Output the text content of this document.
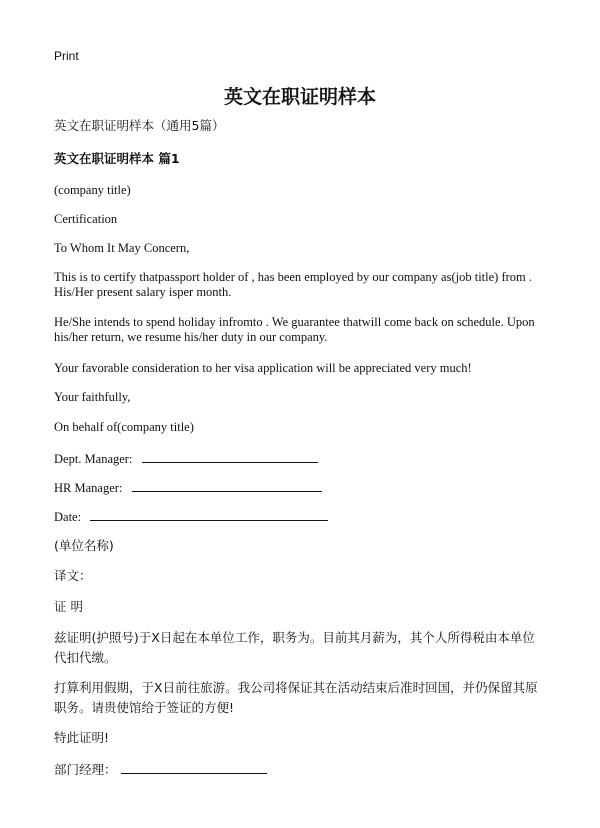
Print
英文在职证明样本
英文在职证明样本（通用5篇）
英文在职证明样本 篇1
(company title)
Certification
To Whom It May Concern,
This is to certify thatpassport holder of , has been employed by our company as(job title) from . His/Her present salary isper month.
He/She intends to spend holiday infromto . We guarantee thatwill come back on schedule. Upon his/her return, we resume his/her duty in our company.
Your favorable consideration to her visa application will be appreciated very much!
Your faithfully,
On behalf of(company title)
Dept. Manager:
HR Manager:
Date:
(单位名称)
译文：
证 明
兹证明(护照号)于X日起在本单位工作，职务为。目前其月薪为，其个人所得税由本单位代扣代缴。
打算利用假期，于X日前往旅游。我公司将保证其在活动结束后准时回国，并仍保留其原职务。请贵使馆给于签证的方便!
特此证明!
部门经理：
